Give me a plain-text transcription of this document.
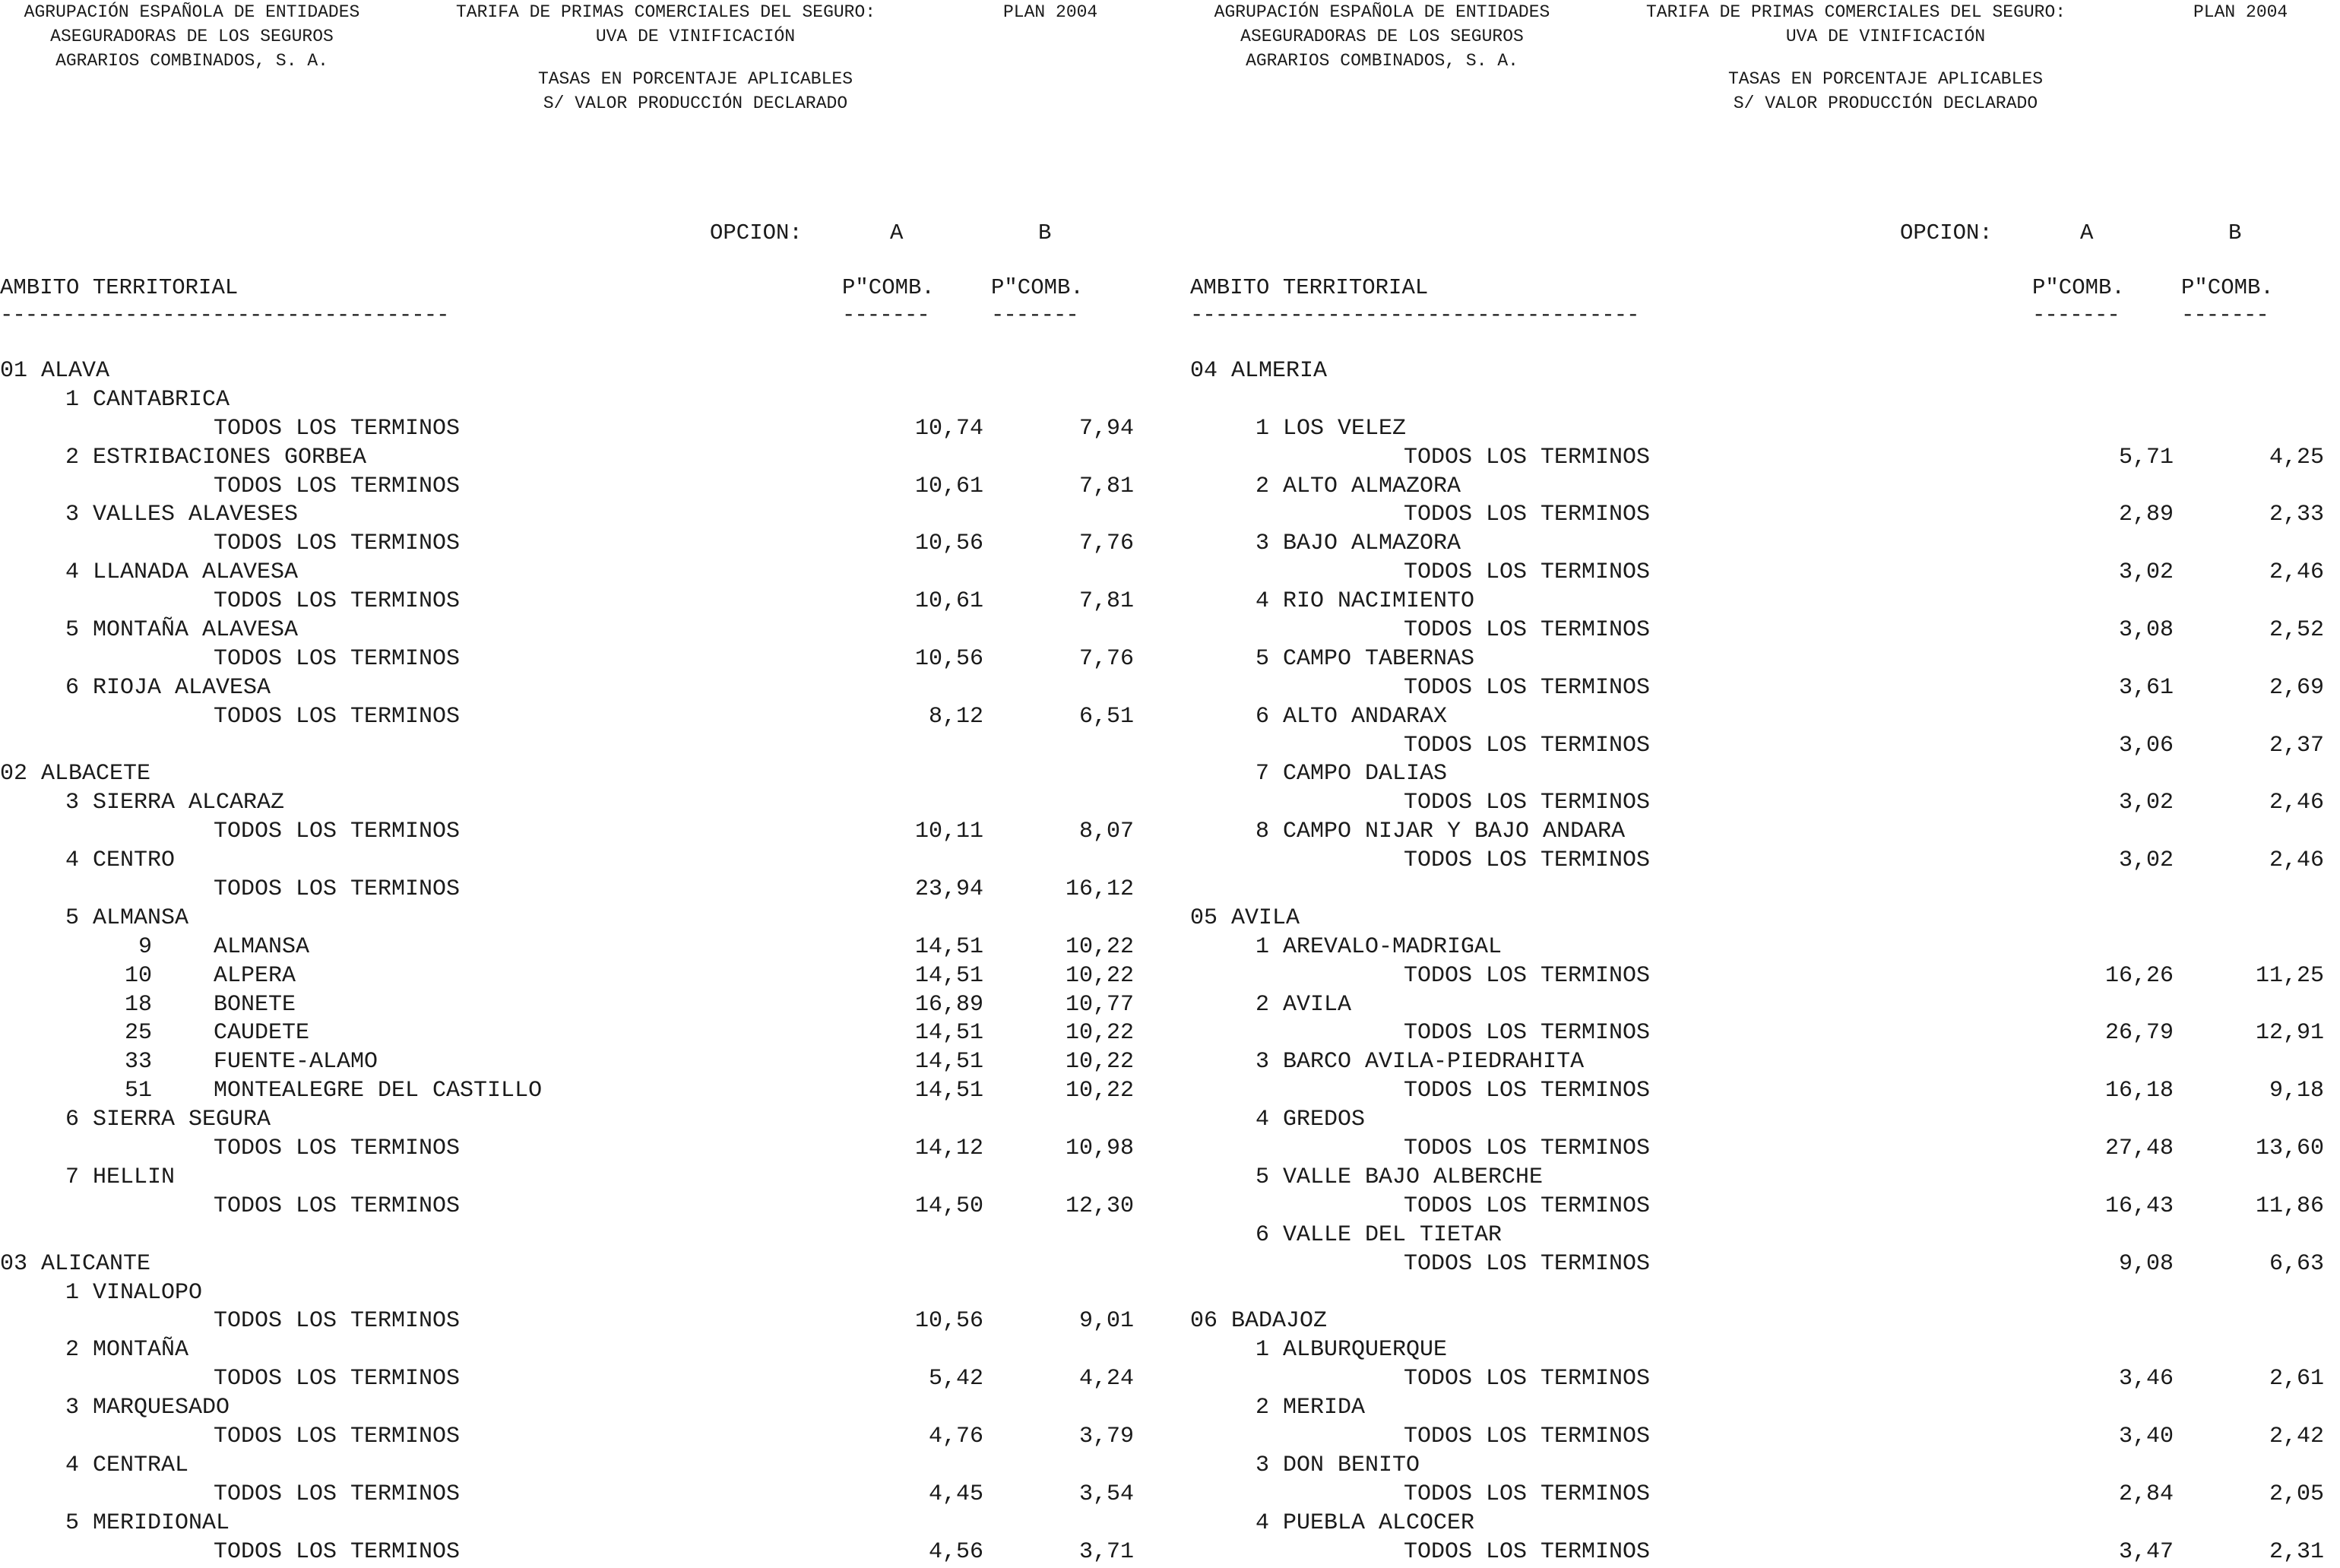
AGRUPACIÓN ESPAÑOLA DE ENTIDADES
ASEGURADORAS DE LOS SEGUROS
AGRARIOS COMBINADOS, S. A.
TARIFA DE PRIMAS COMERCIALES DEL SEGURO:	PLAN 2004
UVA DE VINIFICACIÓN
TASAS EN PORCENTAJE APLICABLES
S/ VALOR PRODUCCIÓN DECLARADO
OPCION:	A	B
AMBITO TERRITORIAL	P"COMB.	P"COMB.
------------------------------------	-------	-------
01 ALAVA
1 CANTABRICA
TODOS LOS TERMINOS	10,74	7,94
2 ESTRIBACIONES GORBEA
TODOS LOS TERMINOS	10,61	7,81
3 VALLES ALAVESES
TODOS LOS TERMINOS	10,56	7,76
4 LLANADA ALAVESA
TODOS LOS TERMINOS	10,61	7,81
5 MONTAÑA ALAVESA
TODOS LOS TERMINOS	10,56	7,76
6 RIOJA ALAVESA
TODOS LOS TERMINOS	8,12	6,51
02 ALBACETE
3 SIERRA ALCARAZ
TODOS LOS TERMINOS	10,11	8,07
4 CENTRO
TODOS LOS TERMINOS	23,94	16,12
5 ALMANSA
9	ALMANSA	14,51	10,22
10	ALPERA	14,51	10,22
18	BONETE	16,89	10,77
25	CAUDETE	14,51	10,22
33	FUENTE-ALAMO	14,51	10,22
51	MONTEALEGRE DEL CASTILLO	14,51	10,22
6 SIERRA SEGURA
TODOS LOS TERMINOS	14,12	10,98
7 HELLIN
TODOS LOS TERMINOS	14,50	12,30
03 ALICANTE
1 VINALOPO
TODOS LOS TERMINOS	10,56	9,01
2 MONTAÑA
TODOS LOS TERMINOS	5,42	4,24
3 MARQUESADO
TODOS LOS TERMINOS	4,76	3,79
4 CENTRAL
TODOS LOS TERMINOS	4,45	3,54
5 MERIDIONAL
TODOS LOS TERMINOS	4,56	3,71
AGRUPACIÓN ESPAÑOLA DE ENTIDADES
ASEGURADORAS DE LOS SEGUROS
AGRARIOS COMBINADOS, S. A.
TARIFA DE PRIMAS COMERCIALES DEL SEGURO:	PLAN 2004
UVA DE VINIFICACIÓN
TASAS EN PORCENTAJE APLICABLES
S/ VALOR PRODUCCIÓN DECLARADO
OPCION:	A	B
AMBITO TERRITORIAL	P"COMB.	P"COMB.
------------------------------------	-------	-------
04 ALMERIA
1 LOS VELEZ
TODOS LOS TERMINOS	5,71	4,25
2 ALTO ALMAZORA
TODOS LOS TERMINOS	2,89	2,33
3 BAJO ALMAZORA
TODOS LOS TERMINOS	3,02	2,46
4 RIO NACIMIENTO
TODOS LOS TERMINOS	3,08	2,52
5 CAMPO TABERNAS
TODOS LOS TERMINOS	3,61	2,69
6 ALTO ANDARAX
TODOS LOS TERMINOS	3,06	2,37
7 CAMPO DALIAS
TODOS LOS TERMINOS	3,02	2,46
8 CAMPO NIJAR Y BAJO ANDARA
TODOS LOS TERMINOS	3,02	2,46
05 AVILA
1 AREVALO-MADRIGAL
TODOS LOS TERMINOS	16,26	11,25
2 AVILA
TODOS LOS TERMINOS	26,79	12,91
3 BARCO AVILA-PIEDRAHITA
TODOS LOS TERMINOS	16,18	9,18
4 GREDOS
TODOS LOS TERMINOS	27,48	13,60
5 VALLE BAJO ALBERCHE
TODOS LOS TERMINOS	16,43	11,86
6 VALLE DEL TIETAR
TODOS LOS TERMINOS	9,08	6,63
06 BADAJOZ
1 ALBURQUERQUE
TODOS LOS TERMINOS	3,46	2,61
2 MERIDA
TODOS LOS TERMINOS	3,40	2,42
3 DON BENITO
TODOS LOS TERMINOS	2,84	2,05
4 PUEBLA ALCOCER
TODOS LOS TERMINOS	3,47	2,31
